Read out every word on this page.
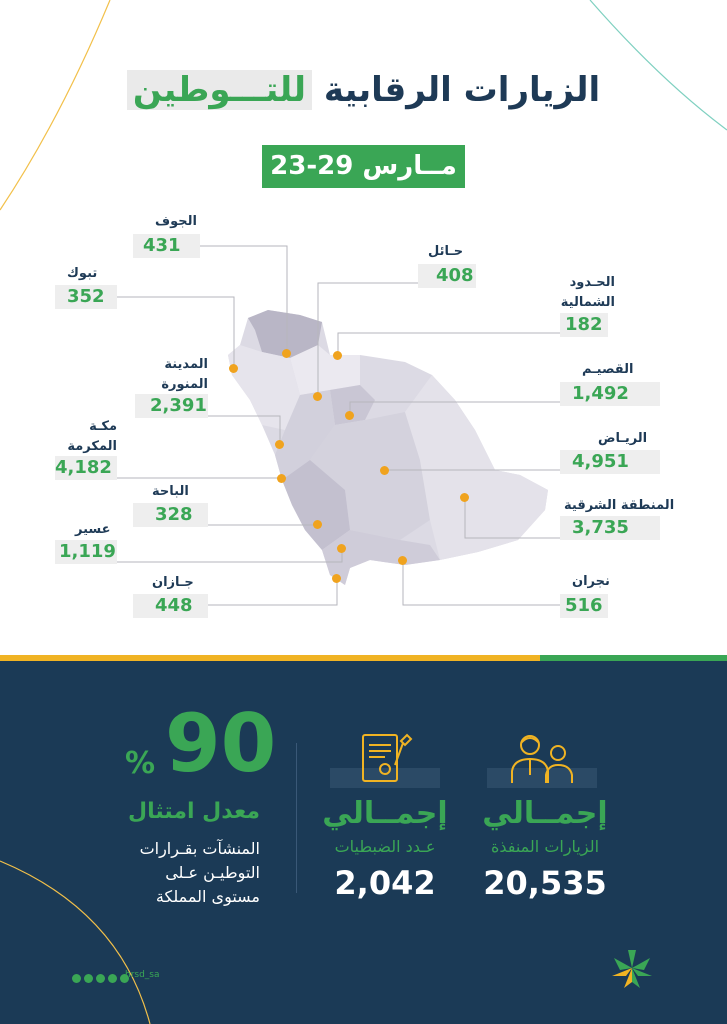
الزيارات الرقابية للتـــوطين
23-29 مــارس
الجوف
431
تبوك
352
حـائل
408	الحـدود الشمالية
182
المدينة المنورة
2,391
القصيـم
1,492
مكـة المكرمة
4,182
الريـاض
4,951
الباحة
328	المنطقة الشرقية
3,735
عسير
1,119
جـازان
448
نجران
516
إجمــالي
الزيارات المنفذة
20,535
إجمــالي
عـدد الضبطيات
2,042
90
%
معدل امتثال
المنشآت بقـرارات
التوطيـن عـلى
مستوى المملكة
hrsd_sa
